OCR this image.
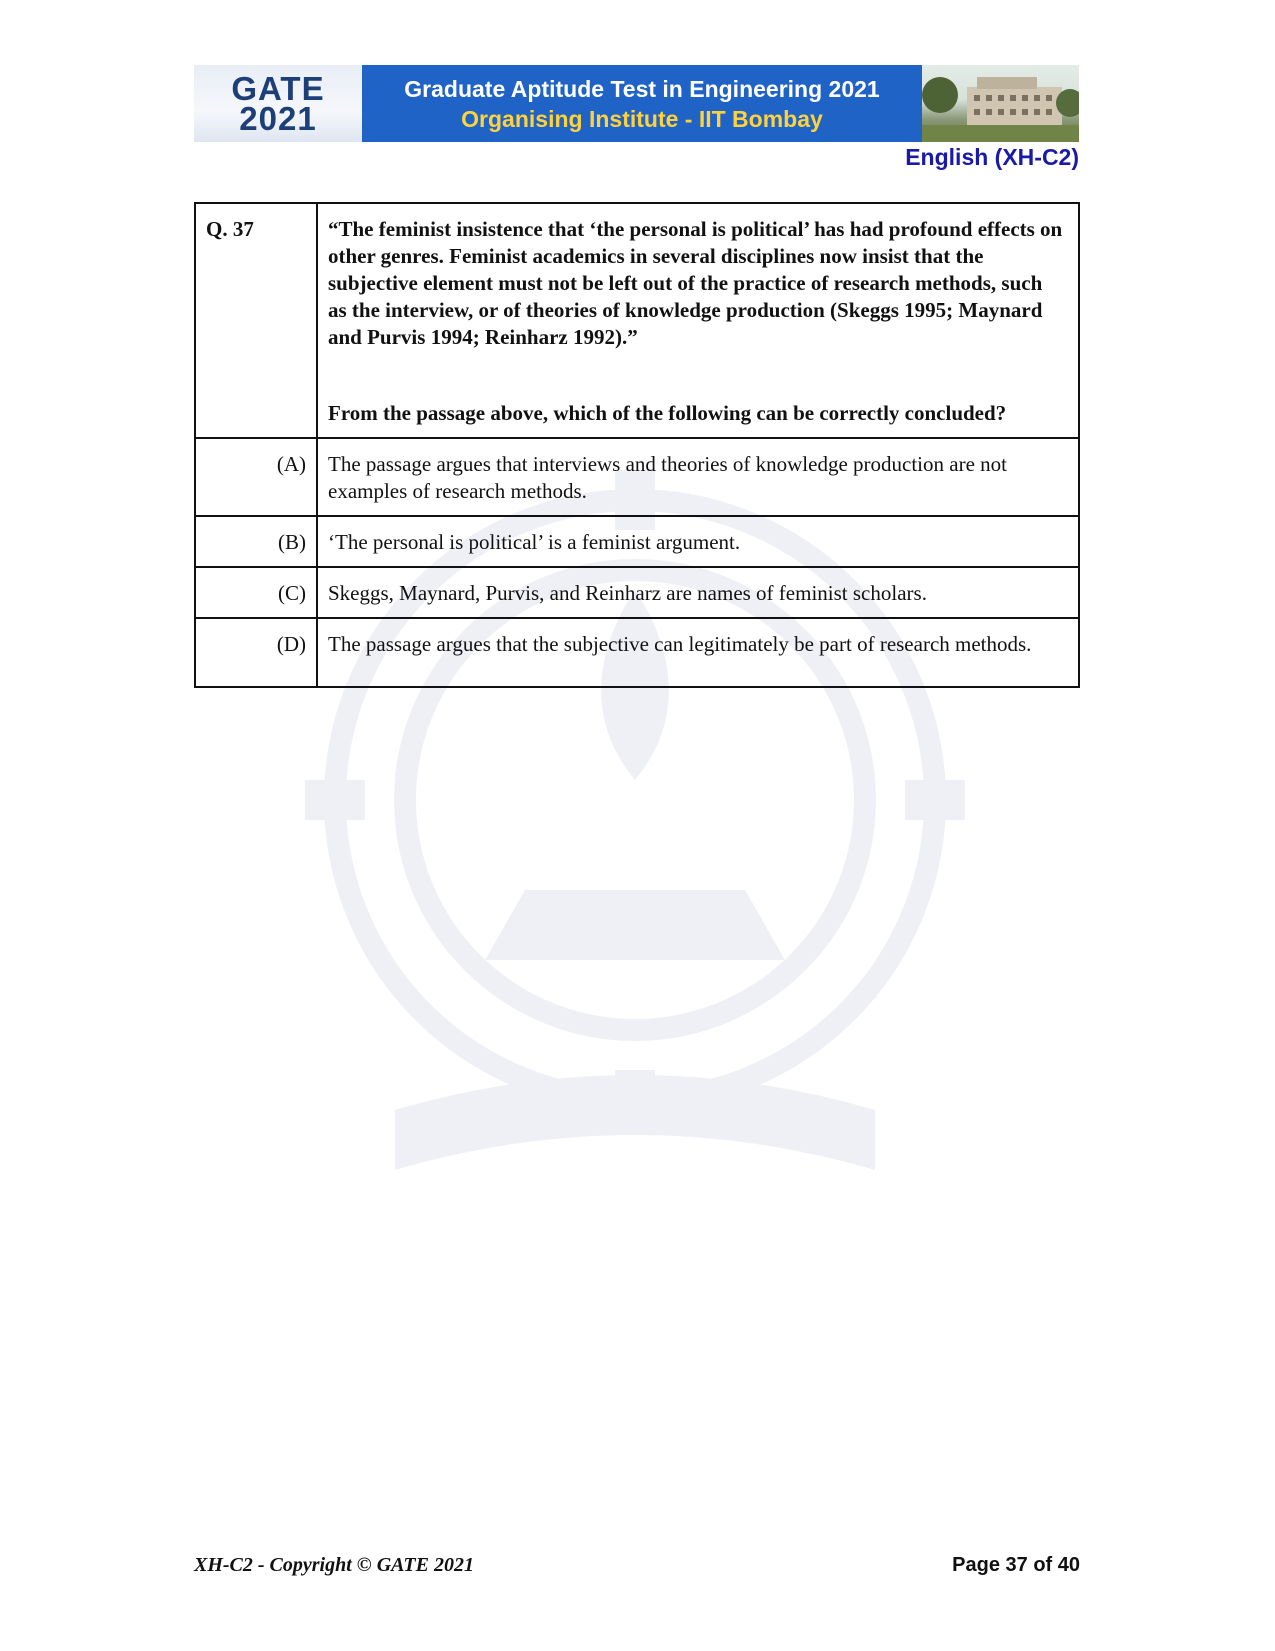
GATE
2021
Graduate Aptitude Test in Engineering 2021
Organising Institute - IIT Bombay
English (XH-C2)
Q. 37	“The feminist insistence that ‘the personal is political’ has had profound effects on other genres. Feminist academics in several disciplines now insist that the subjective element must not be left out of the practice of research methods, such as the interview, or of theories of knowledge production (Skeggs 1995; Maynard and Purvis 1994; Reinharz 1992).”

From the passage above, which of the following can be correctly concluded?

(A)	The passage argues that interviews and theories of knowledge production are not examples of research methods.
(B)	‘The personal is political’ is a feminist argument.
(C)	Skeggs, Maynard, Purvis, and Reinharz are names of feminist scholars.
(D)	The passage argues that the subjective can legitimately be part of research methods.
XH-C2 - Copyright © GATE 2021	Page 37 of 40
